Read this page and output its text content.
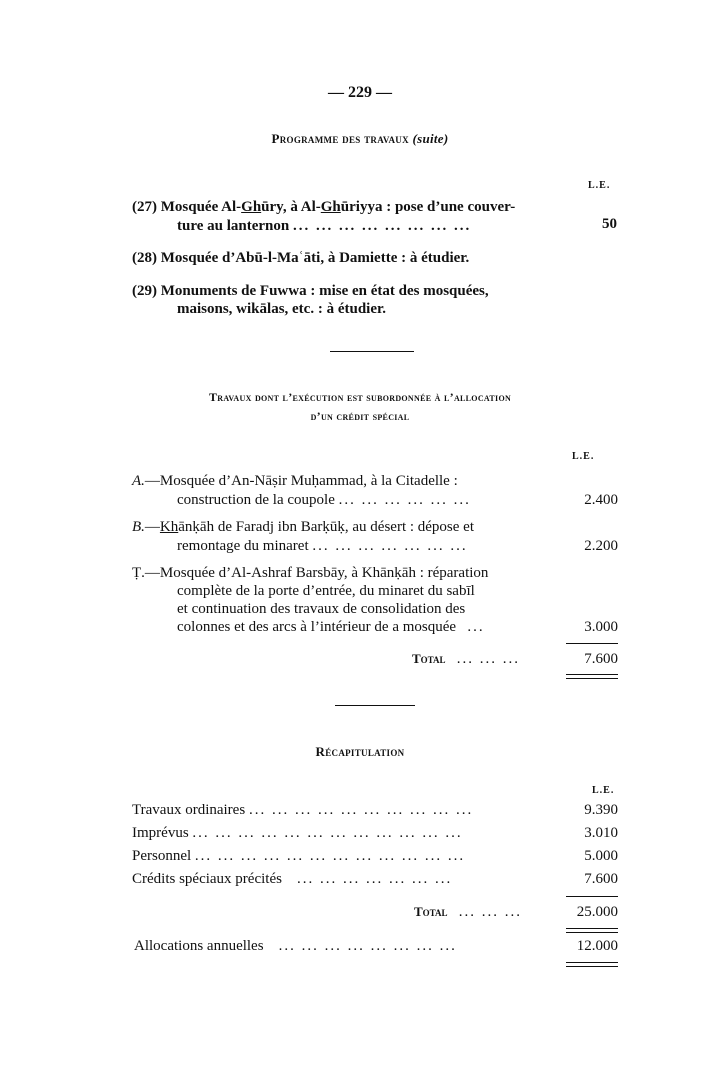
— 229 —
Programme des travaux (suite)
L.E.
(27) Mosquée Al-Ghūry, à Al-Ghūriyya : pose d’une couver-
ture au lanternon ... ... ... ... ... ... ... ...	50
(28) Mosquée d’Abū-l-Maʿāti, à Damiette : à étudier.
(29) Monuments de Fuwwa : mise en état des mosquées,
maisons, wikālas, etc. : à étudier.
Travaux dont l’exécution est subordonnée à l’allocation
d’un crédit spécial
L.E.
A.—Mosquée d’An-Nāṣir Muḥammad, à la Citadelle :
construction de la coupole ... ... ... ... ... ...	2.400
B.—Khānḳāh de Faradj ibn Barḳūḳ, au désert : dépose et
remontage du minaret ... ... ... ... ... ... ...	2.200
Ṭ.—Mosquée d’Al-Ashraf Barsbāy, à Khānḳāh : réparation
complète de la porte d’entrée, du minaret du sabīl
et continuation des travaux de consolidation des
colonnes et des arcs à l’intérieur de a mosquée ...	3.000
Total ... ... ...	7.600
Récapitulation
L.E.
Travaux ordinaires ... ... ... ... ... ... ... ... ... ...	9.390
Imprévus ... ... ... ... ... ... ... ... ... ... ... ...	3.010
Personnel ... ... ... ... ... ... ... ... ... ... ... ...	5.000
Crédits spéciaux précités ... ... ... ... ... ... ...	7.600
Total ... ... ...	25.000
Allocations annuelles ... ... ... ... ... ... ... ...	12.000
